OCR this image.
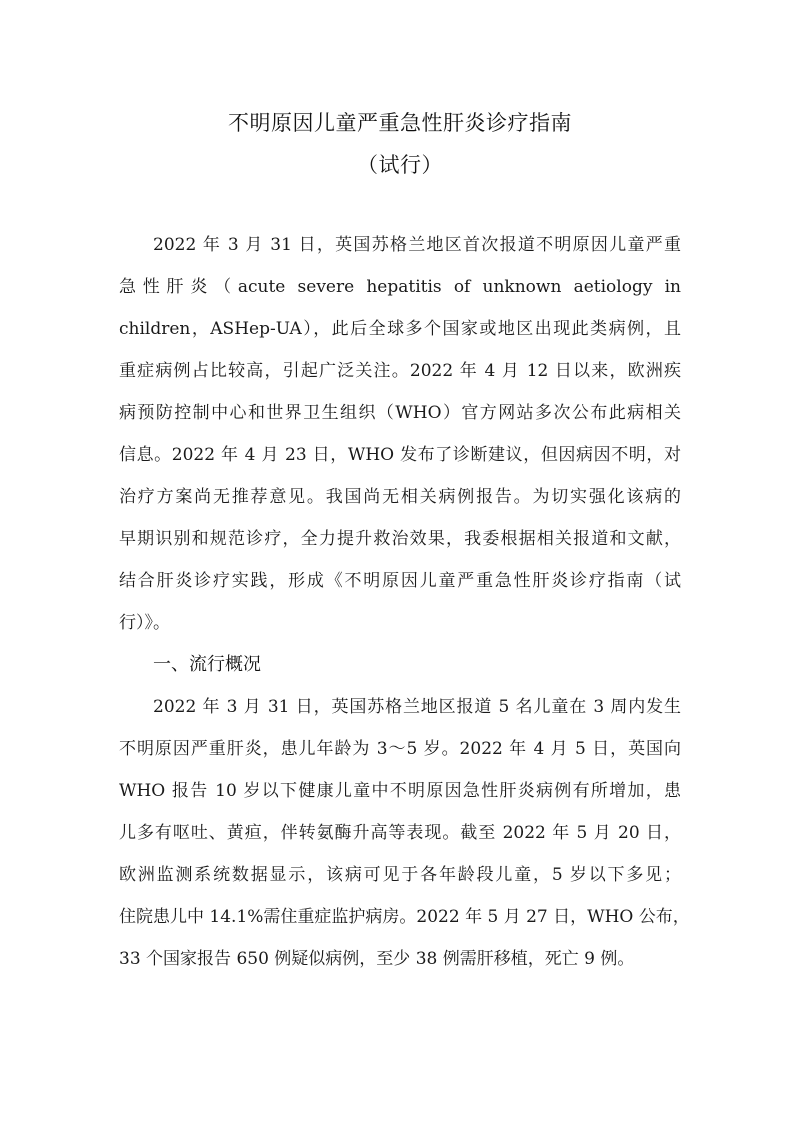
不明原因儿童严重急性肝炎诊疗指南
（试行）
2022 年 3 月 31 日，英国苏格兰地区首次报道不明原因儿童严重
急性肝炎（acute severe hepatitis of unknown aetiology in
children，ASHep-UA），此后全球多个国家或地区出现此类病例，且
重症病例占比较高，引起广泛关注。2022 年 4 月 12 日以来，欧洲疾
病预防控制中心和世界卫生组织（WHO）官方网站多次公布此病相关
信息。2022 年 4 月 23 日，WHO 发布了诊断建议，但因病因不明，对
治疗方案尚无推荐意见。我国尚无相关病例报告。为切实强化该病的
早期识别和规范诊疗，全力提升救治效果，我委根据相关报道和文献，
结合肝炎诊疗实践，形成《不明原因儿童严重急性肝炎诊疗指南（试
行）》。
一、流行概况
2022 年 3 月 31 日，英国苏格兰地区报道 5 名儿童在 3 周内发生
不明原因严重肝炎，患儿年龄为 3～5 岁。2022 年 4 月 5 日，英国向
WHO 报告 10 岁以下健康儿童中不明原因急性肝炎病例有所增加，患
儿多有呕吐、黄疸，伴转氨酶升高等表现。截至 2022 年 5 月 20 日，
欧洲监测系统数据显示，该病可见于各年龄段儿童，5 岁以下多见；
住院患儿中 14.1%需住重症监护病房。2022 年 5 月 27 日，WHO 公布，
33 个国家报告 650 例疑似病例，至少 38 例需肝移植，死亡 9 例。
